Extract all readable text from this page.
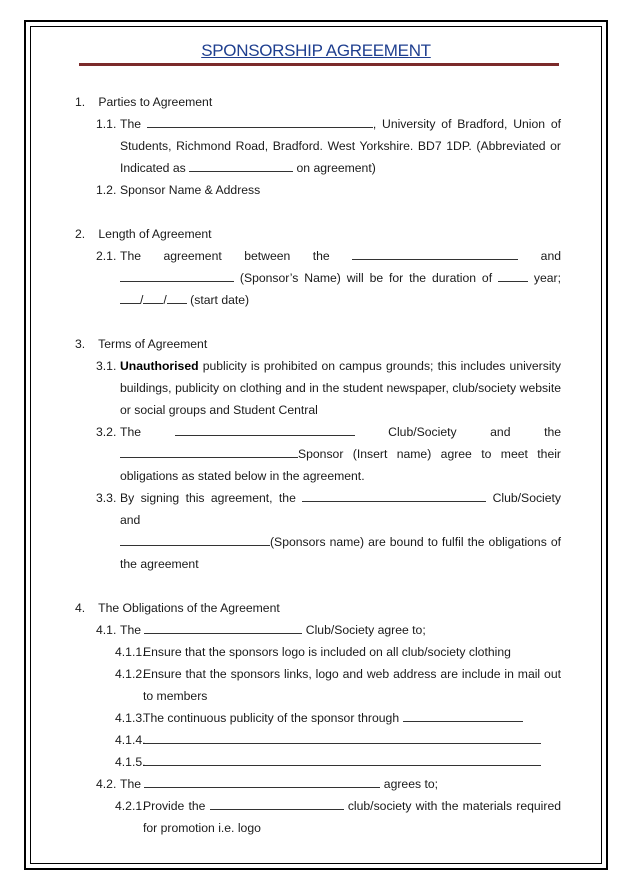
SPONSORSHIP AGREEMENT
1. Parties to Agreement
1.1. The	, University of Bradford, Union of Students, Richmond Road, Bradford. West Yorkshire. BD7 1DP. (Abbreviated or Indicated as	on agreement)
1.2. Sponsor Name & Address
2. Length of Agreement
2.1. The agreement between the	and
(Sponsor’s Name) will be for the duration of	year;
/ / (start date)
3. Terms of Agreement
3.1. Unauthorised publicity is prohibited on campus grounds; this includes university buildings, publicity on clothing and in the student newspaper, club/society website or social groups and Student Central
3.2. The	Club/Society and the
Sponsor (Insert name) agree to meet their obligations as stated below in the agreement.
3.3. By signing this agreement, the	Club/Society and
(Sponsors name) are bound to fulfil the obligations of the agreement
4. The Obligations of the Agreement
4.1. The	Club/Society agree to;
4.1.1.
Ensure that the sponsors logo is included on all club/society clothing
4.1.2.
Ensure that the sponsors links, logo and web address are include in mail out to members
4.1.3.
The continuous publicity of the sponsor through
4.1.4.
4.1.5.
4.2. The	agrees to;
4.2.1.
Provide the	club/society with the materials required for promotion i.e. logo
